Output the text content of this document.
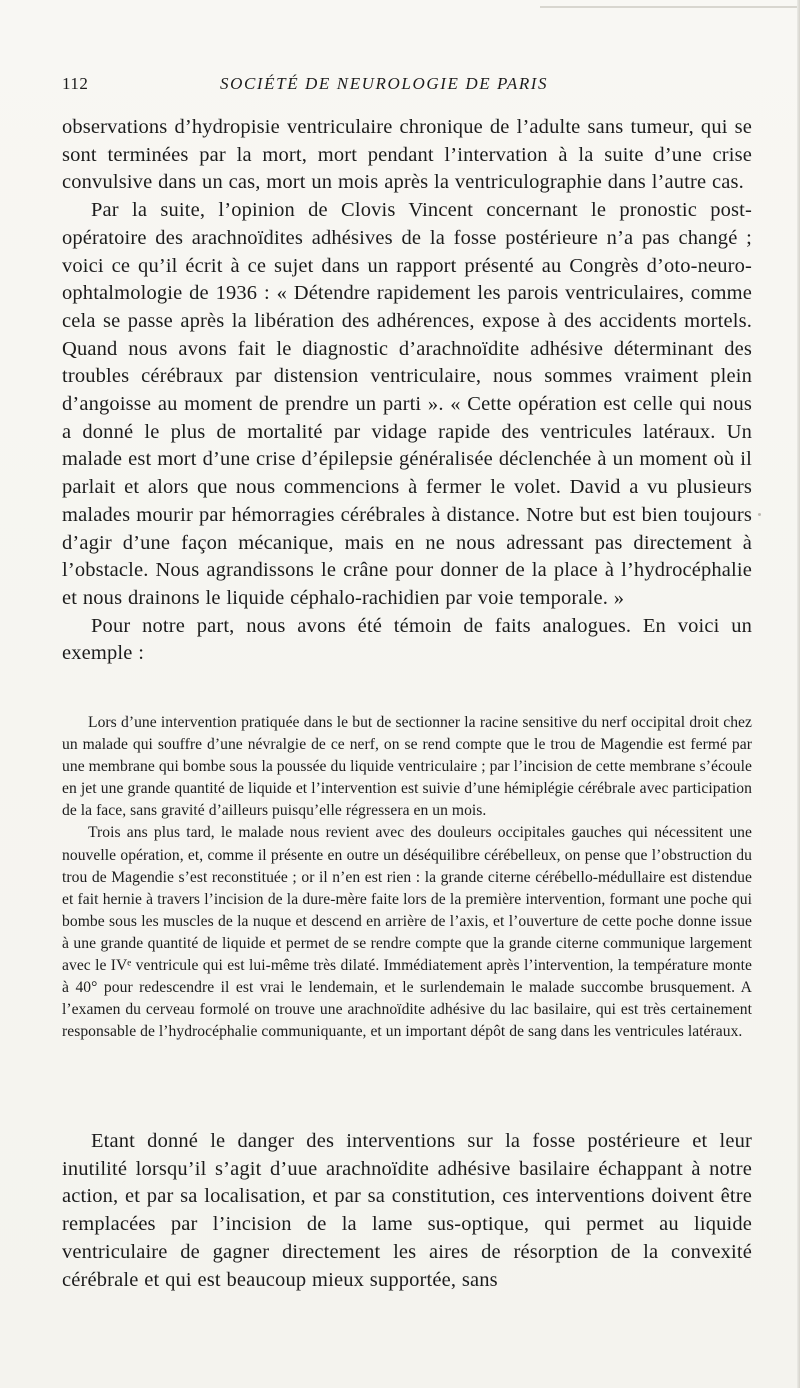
112	SOCIÉTÉ DE NEUROLOGIE DE PARIS

observations d’hydropisie ventriculaire chronique de l’adulte sans tumeur, qui se sont terminées par la mort, mort pendant l’intervation à la suite d’une crise convulsive dans un cas, mort un mois après la ventriculographie dans l’autre cas.

Par la suite, l’opinion de Clovis Vincent concernant le pronostic post-opératoire des arachnoïdites adhésives de la fosse postérieure n’a pas changé ; voici ce qu’il écrit à ce sujet dans un rapport présenté au Congrès d’oto-neuro-ophtalmologie de 1936 : « Détendre rapidement les parois ventriculaires, comme cela se passe après la libération des adhérences, expose à des accidents mortels. Quand nous avons fait le diagnostic d’arachnoïdite adhésive déterminant des troubles cérébraux par distension ventriculaire, nous sommes vraiment plein d’angoisse au moment de prendre un parti ». « Cette opération est celle qui nous a donné le plus de mortalité par vidage rapide des ventricules latéraux. Un malade est mort d’une crise d’épilepsie généralisée déclenchée à un moment où il parlait et alors que nous commencions à fermer le volet. David a vu plusieurs malades mourir par hémorragies cérébrales à distance. Notre but est bien toujours d’agir d’une façon mécanique, mais en ne nous adressant pas directement à l’obstacle. Nous agrandissons le crâne pour donner de la place à l’hydrocéphalie et nous drainons le liquide céphalo-rachidien par voie temporale. »

Pour notre part, nous avons été témoin de faits analogues. En voici un exemple :

Lors d’une intervention pratiquée dans le but de sectionner la racine sensitive du nerf occipital droit chez un malade qui souffre d’une névralgie de ce nerf, on se rend compte que le trou de Magendie est fermé par une membrane qui bombe sous la poussée du liquide ventriculaire ; par l’incision de cette membrane s’écoule en jet une grande quantité de liquide et l’intervention est suivie d’une hémiplégie cérébrale avec participation de la face, sans gravité d’ailleurs puisqu’elle régressera en un mois.

Trois ans plus tard, le malade nous revient avec des douleurs occipitales gauches qui nécessitent une nouvelle opération, et, comme il présente en outre un déséquilibre cérébelleux, on pense que l’obstruction du trou de Magendie s’est reconstituée ; or il n’en est rien : la grande citerne cérébello-médullaire est distendue et fait hernie à travers l’incision de la dure-mère faite lors de la première intervention, formant une poche qui bombe sous les muscles de la nuque et descend en arrière de l’axis, et l’ouverture de cette poche donne issue à une grande quantité de liquide et permet de se rendre compte que la grande citerne communique largement avec le IVᵉ ventricule qui est lui-même très dilaté. Immédiatement après l’intervention, la température monte à 40° pour redescendre il est vrai le lendemain, et le surlendemain le malade succombe brusquement. A l’examen du cerveau formolé on trouve une arachnoïdite adhésive du lac basilaire, qui est très certainement responsable de l’hydrocéphalie communiquante, et un important dépôt de sang dans les ventricules latéraux.

Etant donné le danger des interventions sur la fosse postérieure et leur inutilité lorsqu’il s’agit d’uue arachnoïdite adhésive basilaire échappant à notre action, et par sa localisation, et par sa constitution, ces interventions doivent être remplacées par l’incision de la lame sus-optique, qui permet au liquide ventriculaire de gagner directement les aires de résorption de la convexité cérébrale et qui est beaucoup mieux supportée, sans
